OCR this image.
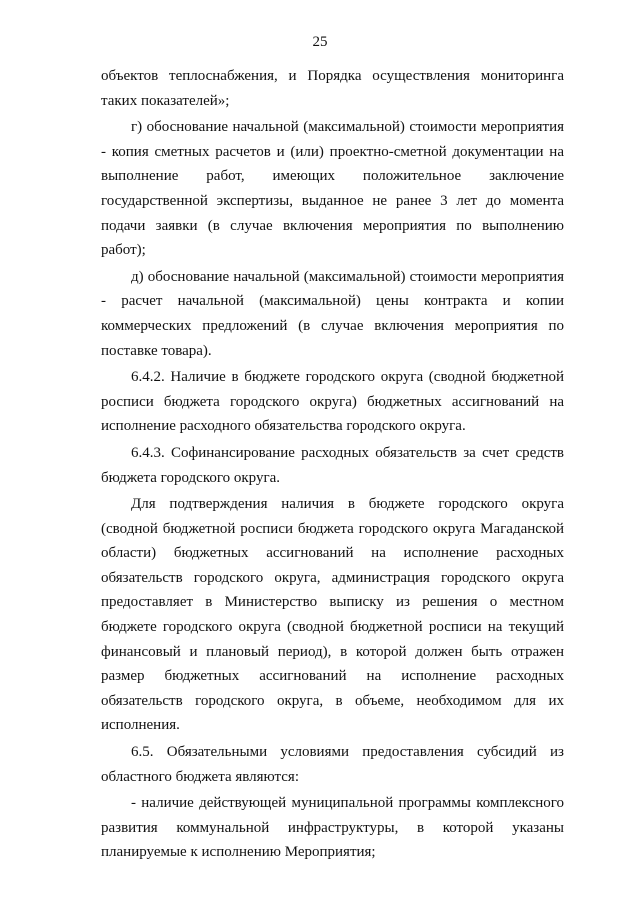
25

объектов теплоснабжения, и Порядка осуществления мониторинга таких показателей»;

г) обоснование начальной (максимальной) стоимости мероприятия - копия сметных расчетов и (или) проектно-сметной документации на выполнение работ, имеющих положительное заключение государственной экспертизы, выданное не ранее 3 лет до момента подачи заявки (в случае включения мероприятия по выполнению работ);

д) обоснование начальной (максимальной) стоимости мероприятия - расчет начальной (максимальной) цены контракта и копии коммерческих предложений (в случае включения мероприятия по поставке товара).

6.4.2. Наличие в бюджете городского округа (сводной бюджетной росписи бюджета городского округа) бюджетных ассигнований на исполнение расходного обязательства городского округа.

6.4.3. Софинансирование расходных обязательств за счет средств бюджета городского округа.

Для подтверждения наличия в бюджете городского округа (сводной бюджетной росписи бюджета городского округа Магаданской области) бюджетных ассигнований на исполнение расходных обязательств городского округа, администрация городского округа предоставляет в Министерство выписку из решения о местном бюджете городского округа (сводной бюджетной росписи на текущий финансовый и плановый период), в которой должен быть отражен размер бюджетных ассигнований на исполнение расходных обязательств городского округа, в объеме, необходимом для их исполнения.

6.5. Обязательными условиями предоставления субсидий из областного бюджета являются:

- наличие действующей муниципальной программы комплексного развития коммунальной инфраструктуры, в которой указаны планируемые к исполнению Мероприятия;
